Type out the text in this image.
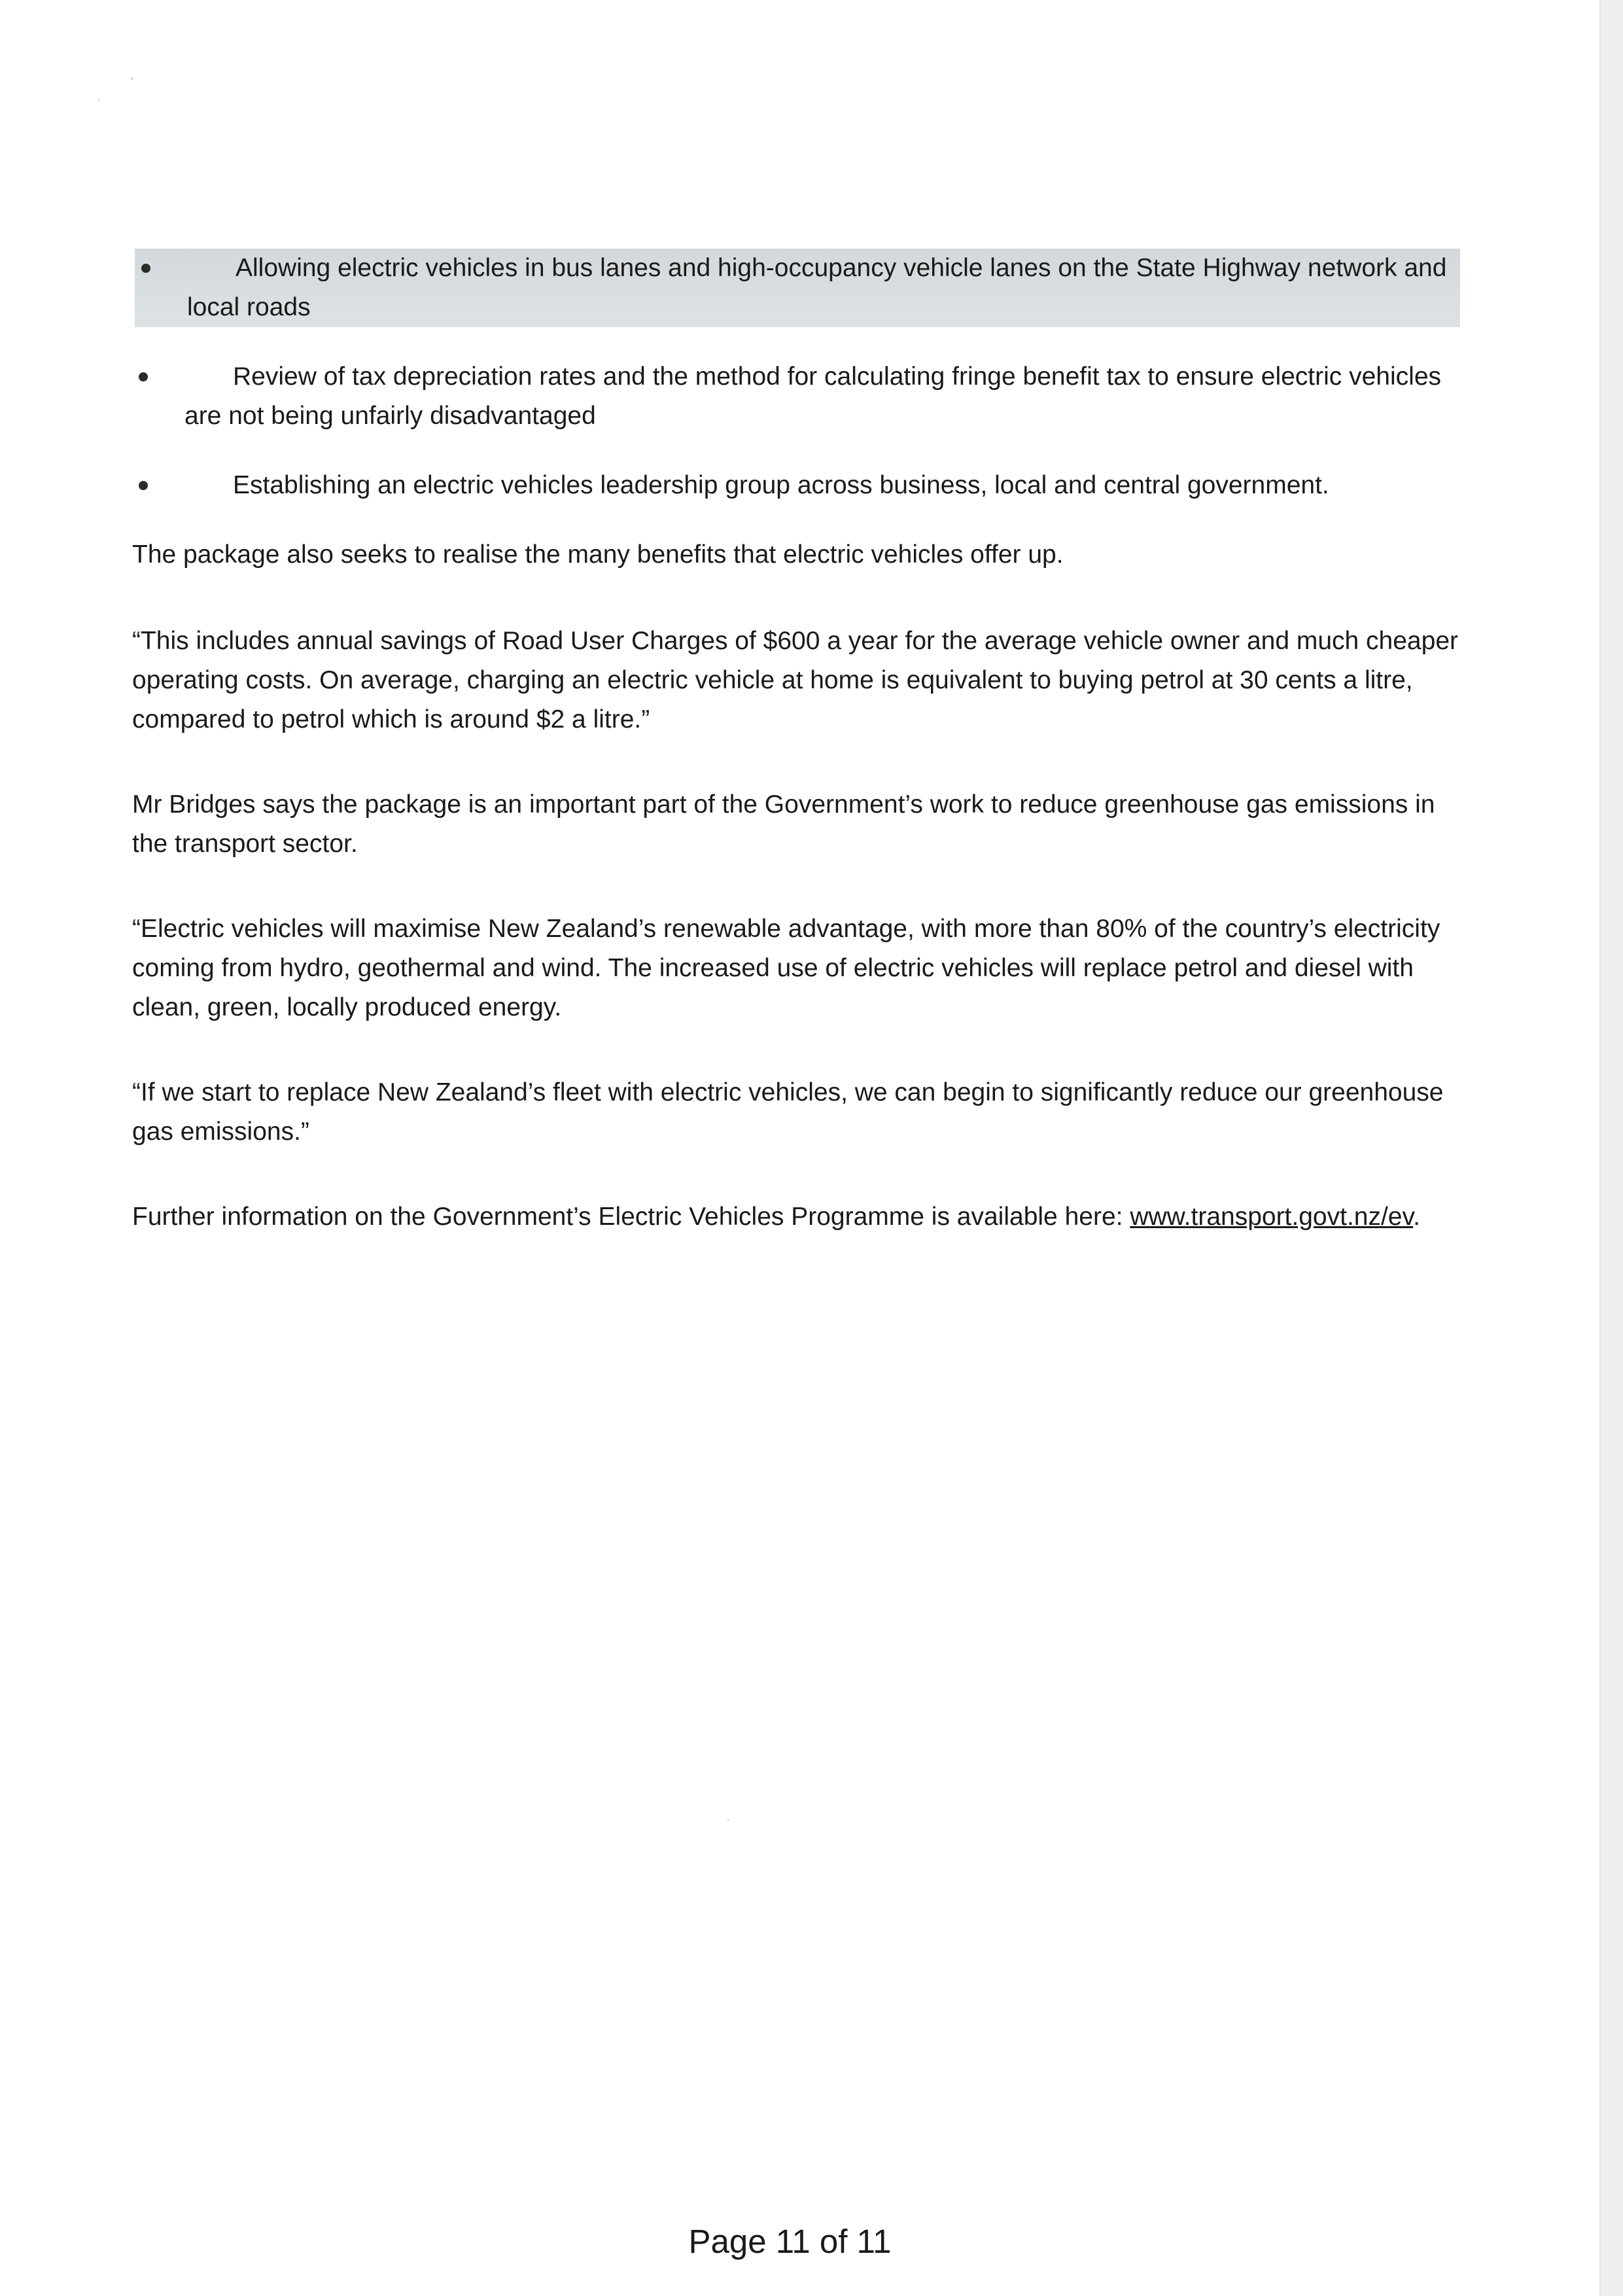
Allowing electric vehicles in bus lanes and high-occupancy vehicle lanes on the State Highway network and local roads
Review of tax depreciation rates and the method for calculating fringe benefit tax to ensure electric vehicles are not being unfairly disadvantaged
Establishing an electric vehicles leadership group across business, local and central government.

The package also seeks to realise the many benefits that electric vehicles offer up.

“This includes annual savings of Road User Charges of $600 a year for the average vehicle owner and much cheaper operating costs. On average, charging an electric vehicle at home is equivalent to buying petrol at 30 cents a litre, compared to petrol which is around $2 a litre.”

Mr Bridges says the package is an important part of the Government’s work to reduce greenhouse gas emissions in the transport sector.

“Electric vehicles will maximise New Zealand’s renewable advantage, with more than 80% of the country’s electricity coming from hydro, geothermal and wind. The increased use of electric vehicles will replace petrol and diesel with clean, green, locally produced energy.

“If we start to replace New Zealand’s fleet with electric vehicles, we can begin to significantly reduce our greenhouse gas emissions.”

Further information on the Government’s Electric Vehicles Programme is available here: www.transport.govt.nz/ev.

Page 11 of 11
